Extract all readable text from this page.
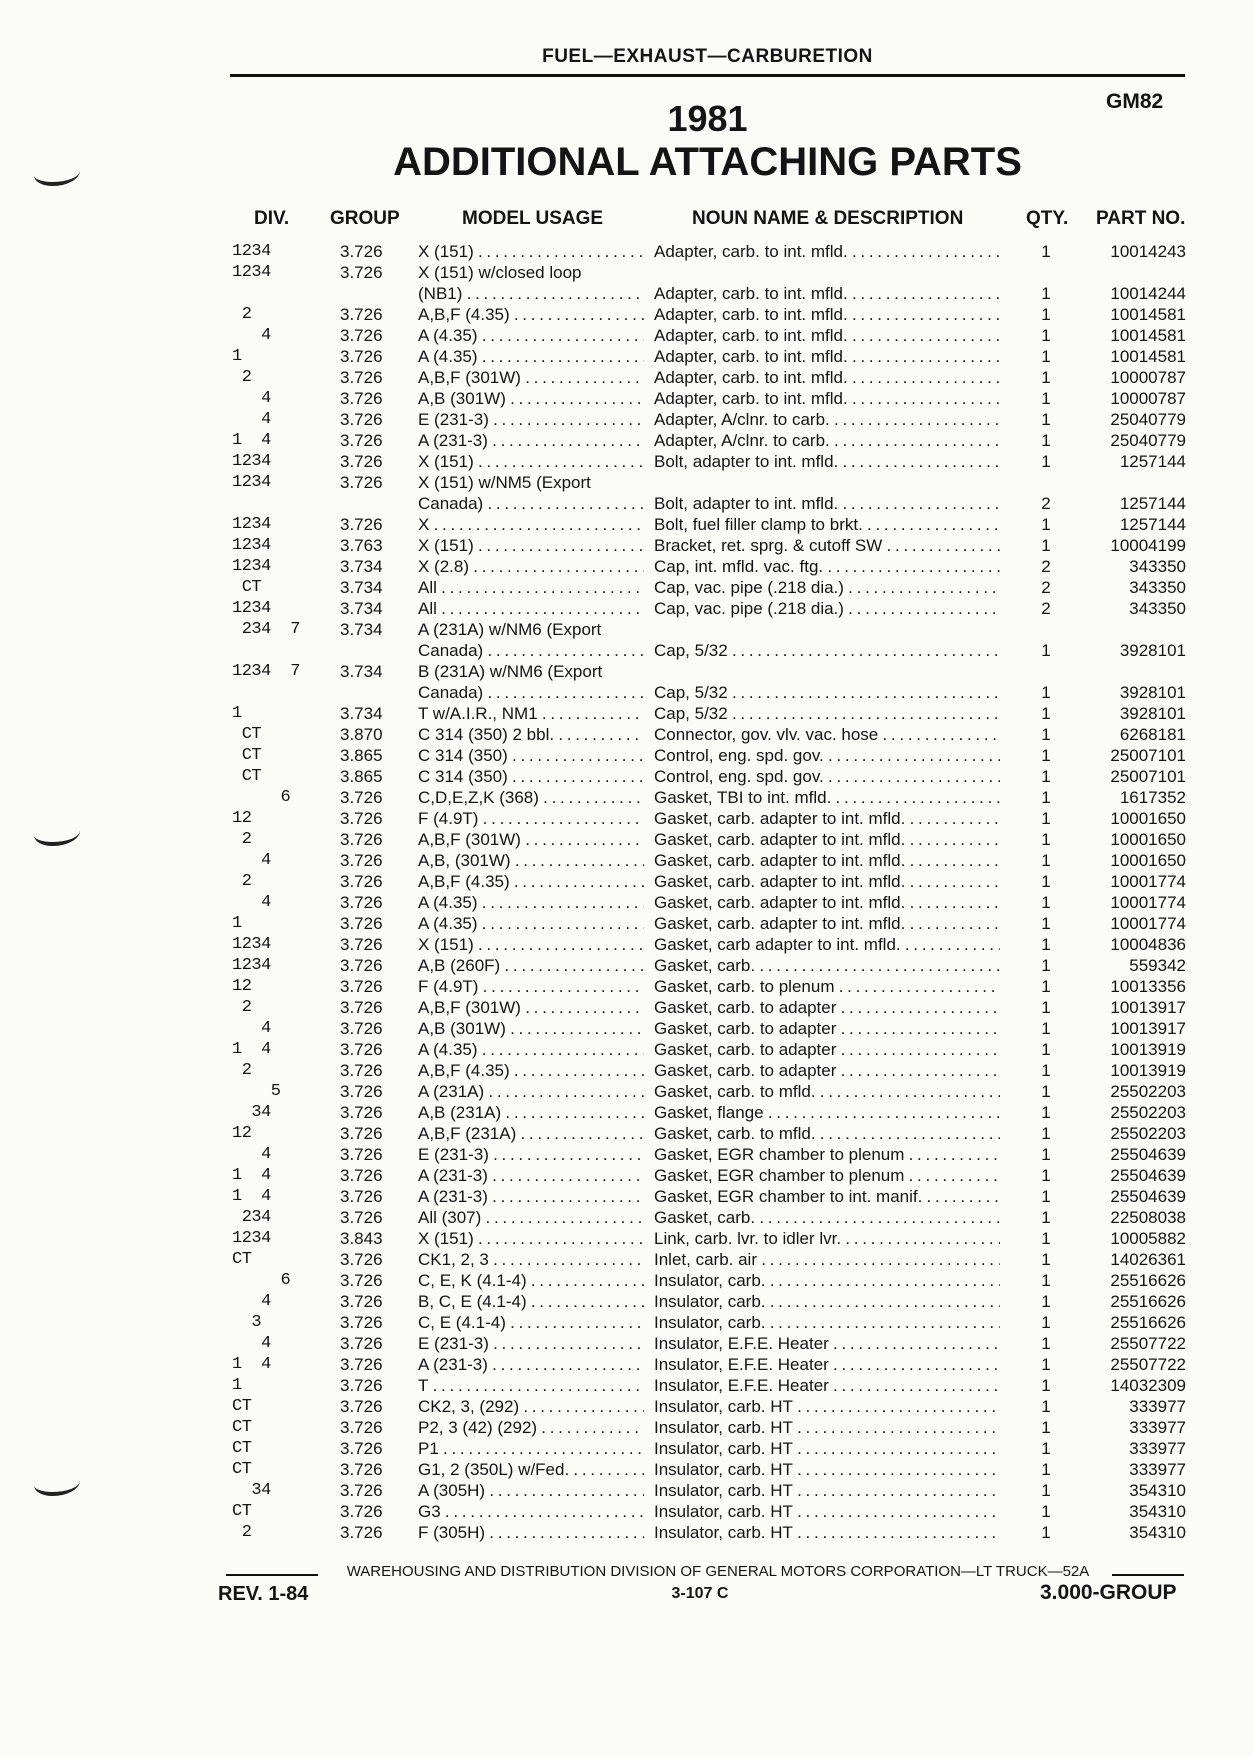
FUEL—EXHAUST—CARBURETION
GM82
1981
ADDITIONAL ATTACHING PARTS
DIV. GROUP	MODEL USAGE	NOUN NAME & DESCRIPTION	QTY. PART NO.
1234	3.726 X (151) . . .	Adapter, carb. to int. mfld. . . .	1	10014243
1234	3.726 X (151) w/closed loop
(NB1) . . .	Adapter, carb. to int. mfld. . . .	1	10014244
2	3.726 A,B,F (4.35) . . .	Adapter, carb. to int. mfld. . . .	1	10014581
4	3.726 A (4.35) . . .	Adapter, carb. to int. mfld. . . .	1	10014581
1	3.726 A (4.35) . . .	Adapter, carb. to int. mfld. . . .	1	10014581
2	3.726 A,B,F (301W) . . .	Adapter, carb. to int. mfld. . . .	1	10000787
4	3.726 A,B (301W) . . .	Adapter, carb. to int. mfld. . . .	1	10000787
4	3.726 E (231-3) . . .	Adapter, A/clnr. to carb. . . .	1	25040779
1  4	3.726 A (231-3) . . .	Adapter, A/clnr. to carb. . . .	1	25040779
1234	3.726 X (151) . . .	Bolt, adapter to int. mfld. . . .	1	1257144
1234	3.726 X (151) w/NM5 (Export
Canada) . . .	Bolt, adapter to int. mfld. . . .	2	1257144
1234	3.726 X . . .	Bolt, fuel filler clamp to brkt. . . .	1	1257144
1234	3.763 X (151) . . .	Bracket, ret. sprg. & cutoff SW . . .	1	10004199
1234	3.734 X (2.8) . . .	Cap, int. mfld. vac. ftg. . . .	2	343350
CT	3.734 All . . .	Cap, vac. pipe (.218 dia.) . . .	2	343350
1234	3.734 All . . .	Cap, vac. pipe (.218 dia.) . . .	2	343350
234  7 3.734 A (231A) w/NM6 (Export
Canada) . . .	Cap, 5/32 . . .	1	3928101
1234  7 3.734 B (231A) w/NM6 (Export
Canada) . . .	Cap, 5/32 . . .	1	3928101
1	3.734 T w/A.I.R., NM1 . . .	Cap, 5/32 . . .	1	3928101
CT	3.870 C 314 (350) 2 bbl. . . .	Connector, gov. vlv. vac. hose . . .	1	6268181
CT	3.865 C 314 (350) . . .	Control, eng. spd. gov. . . .	1	25007101
CT	3.865 C 314 (350) . . .	Control, eng. spd. gov. . . .	1	25007101
6	3.726 C,D,E,Z,K (368) . . .	Gasket, TBI to int. mfld. . . .	1	1617352
12	3.726 F (4.9T) . . .	Gasket, carb. adapter to int. mfld. . . .	1	10001650
2	3.726 A,B,F (301W) . . .	Gasket, carb. adapter to int. mfld. . . .	1	10001650
4	3.726 A,B, (301W) . . .	Gasket, carb. adapter to int. mfld. . . .	1	10001650
2	3.726 A,B,F (4.35) . . .	Gasket, carb. adapter to int. mfld. . . .	1	10001774
4	3.726 A (4.35) . . .	Gasket, carb. adapter to int. mfld. . . .	1	10001774
1	3.726 A (4.35) . . .	Gasket, carb. adapter to int. mfld. . . .	1	10001774
1234	3.726 X (151) . . .	Gasket, carb adapter to int. mfld. . . .	1	10004836
1234	3.726 A,B (260F) . . .	Gasket, carb. . . .	1	559342
12	3.726 F (4.9T) . . .	Gasket, carb. to plenum . . .	1	10013356
2	3.726 A,B,F (301W) . . .	Gasket, carb. to adapter . . .	1	10013917
4	3.726 A,B (301W) . . .	Gasket, carb. to adapter . . .	1	10013917
1  4	3.726 A (4.35) . . .	Gasket, carb. to adapter . . .	1	10013919
2	3.726 A,B,F (4.35) . . .	Gasket, carb. to adapter . . .	1	10013919
5	3.726 A (231A) . . .	Gasket, carb. to mfld. . . .	1	25502203
34	3.726 A,B (231A) . . .	Gasket, flange . . .	1	25502203
12	3.726 A,B,F (231A) . . .	Gasket, carb. to mfld. . . .	1	25502203
4	3.726 E (231-3) . . .	Gasket, EGR chamber to plenum . . .	1	25504639
1  4	3.726 A (231-3) . . .	Gasket, EGR chamber to plenum . . .	1	25504639
1  4	3.726 A (231-3) . . .	Gasket, EGR chamber to int. manif. . . .	1	25504639
234	3.726 All (307) . . .	Gasket, carb. . . .	1	22508038
1234	3.843 X (151) . . .	Link, carb. lvr. to idler lvr. . . .	1	10005882
CT	3.726 CK1, 2, 3 . . .	Inlet, carb. air . . .	1	14026361
6	3.726 C, E, K (4.1-4) . . .	Insulator, carb. . . .	1	25516626
4	3.726 B, C, E (4.1-4) . . .	Insulator, carb. . . .	1	25516626
3	3.726 C, E (4.1-4) . . .	Insulator, carb. . . .	1	25516626
4	3.726 E (231-3) . . .	Insulator, E.F.E. Heater . . .	1	25507722
1  4	3.726 A (231-3) . . .	Insulator, E.F.E. Heater . . .	1	25507722
1	3.726 T . . .	Insulator, E.F.E. Heater . . .	1	14032309
CT	3.726 CK2, 3, (292) . . .	Insulator, carb. HT . . .	1	333977
CT	3.726 P2, 3 (42) (292) . . .	Insulator, carb. HT . . .	1	333977
CT	3.726 P1 . . .	Insulator, carb. HT . . .	1	333977
CT	3.726 G1, 2 (350L) w/Fed. . . .	Insulator, carb. HT . . .	1	333977
34	3.726 A (305H) . . .	Insulator, carb. HT . . .	1	354310
CT	3.726 G3 . . .	Insulator, carb. HT . . .	1	354310
2	3.726 F (305H) . . .	Insulator, carb. HT . . .	1	354310
WAREHOUSING AND DISTRIBUTION DIVISION OF GENERAL MOTORS CORPORATION—LT TRUCK—52A
REV. 1-84	3-107 C	3.000-GROUP
